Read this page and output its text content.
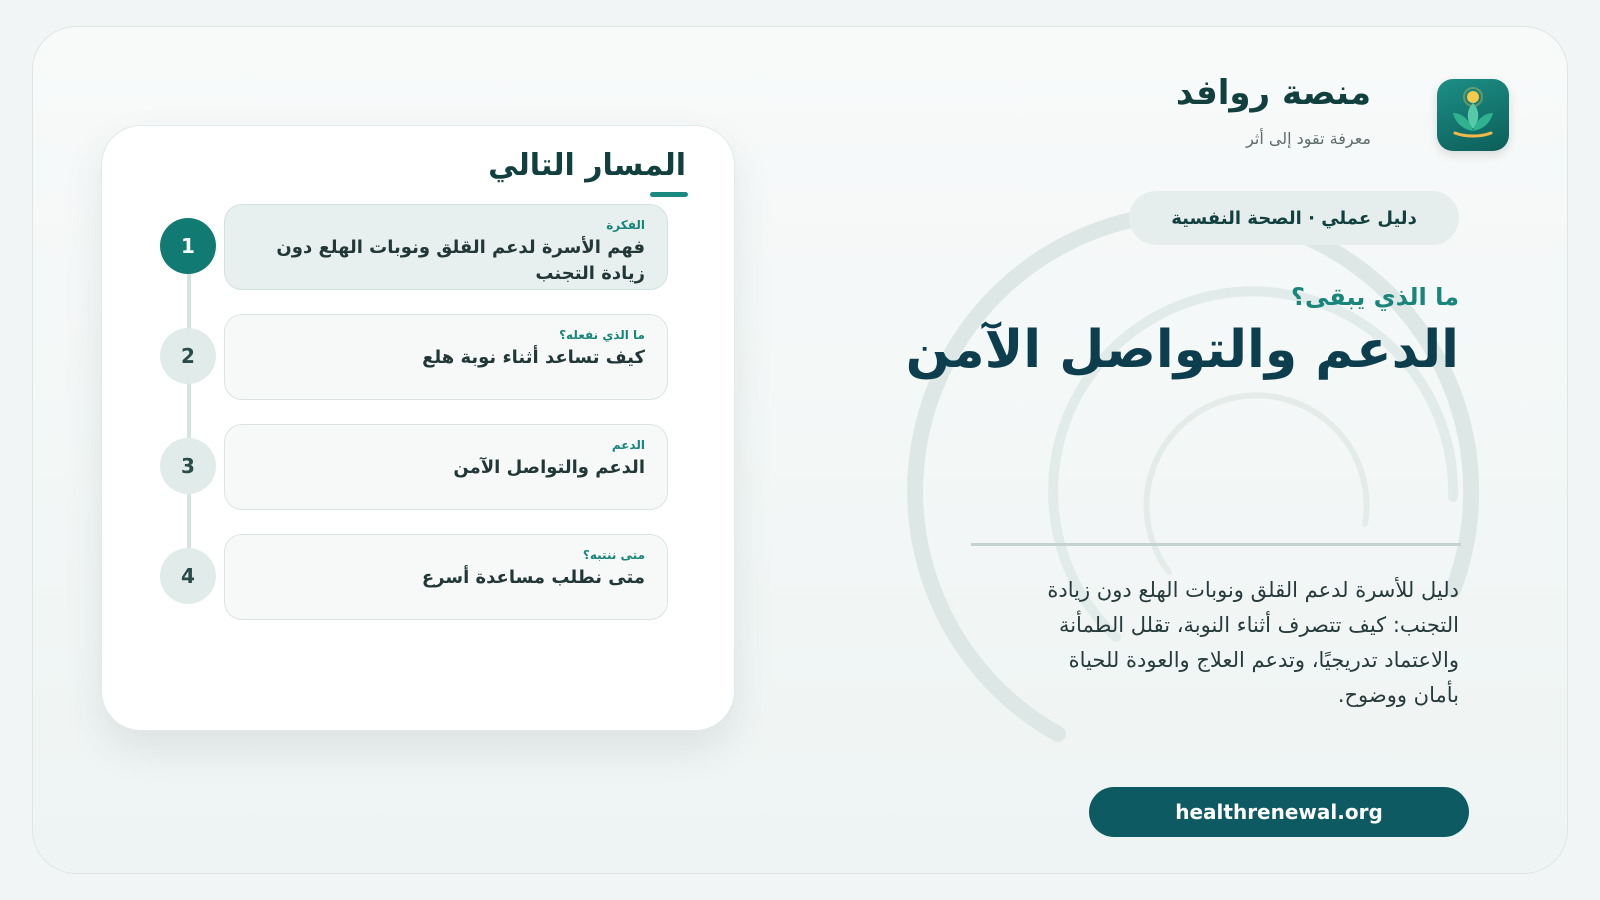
منصة روافد

معرفة تقود إلى أثر

دليل عملي · الصحة النفسية

ما الذي يبقى؟

الدعم والتواصل الآمن

دليل للأسرة لدعم القلق ونوبات الهلع دون زيادة التجنب: كيف تتصرف أثناء النوبة، تقلل الطمأنة والاعتماد تدريجيًا، وتدعم العلاج والعودة للحياة بأمان ووضوح.

healthrenewal.org
المسار التالي
1
الفكرة
فهم الأسرة لدعم القلق ونوبات الهلع دون زيادة التجنب
2
ما الذي نفعله؟
كيف تساعد أثناء نوبة هلع
3
الدعم
الدعم والتواصل الآمن
4
متى ننتبه؟
متى نطلب مساعدة أسرع
